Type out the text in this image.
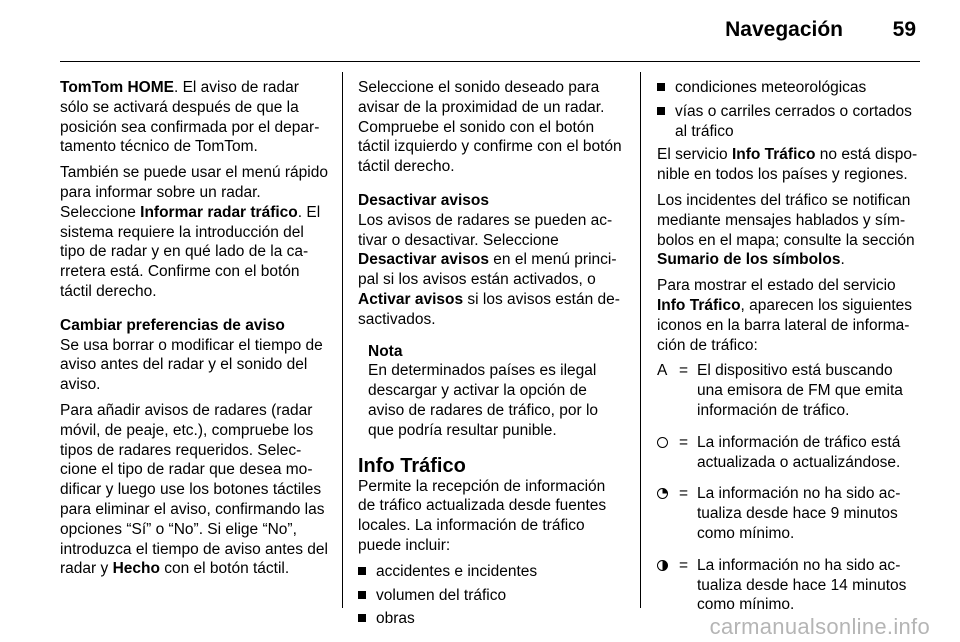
Navegación 59

TomTom HOME. El aviso de radar sólo se activará después de que la posición sea confirmada por el departamento técnico de TomTom.

También se puede usar el menú rápido para informar sobre un radar. Seleccione Informar radar tráfico. El sistema requiere la introducción del tipo de radar y en qué lado de la carretera está. Confirme con el botón táctil derecho.

Cambiar preferencias de aviso

Se usa borrar o modificar el tiempo de aviso antes del radar y el sonido del aviso.

Para añadir avisos de radares (radar móvil, de peaje, etc.), compruebe los tipos de radares requeridos. Seleccione el tipo de radar que desea modificar y luego use los botones táctiles para eliminar el aviso, confirmando las opciones “Sí” o “No”. Si elige “No”, introduzca el tiempo de aviso antes del radar y Hecho con el botón táctil.

Seleccione el sonido deseado para avisar de la proximidad de un radar. Compruebe el sonido con el botón táctil izquierdo y confirme con el botón táctil derecho.

Desactivar avisos

Los avisos de radares se pueden activar o desactivar. Seleccione Desactivar avisos en el menú principal si los avisos están activados, o Activar avisos si los avisos están desactivados.

Nota
En determinados países es ilegal descargar y activar la opción de aviso de radares de tráfico, por lo que podría resultar punible.

Info Tráfico

Permite la recepción de información de tráfico actualizada desde fuentes locales. La información de tráfico puede incluir:

accidentes e incidentes
volumen del tráfico
obras
condiciones meteorológicas
vías o carriles cerrados o cortados al tráfico

El servicio Info Tráfico no está disponible en todos los países y regiones.

Los incidentes del tráfico se notifican mediante mensajes hablados y símbolos en el mapa; consulte la sección Sumario de los símbolos.

Para mostrar el estado del servicio Info Tráfico, aparecen los siguientes iconos en la barra lateral de información de tráfico:

A = El dispositivo está buscando una emisora de FM que emita información de tráfico.
= La información de tráfico está actualizada o actualizándose.
= La información no ha sido actualiza desde hace 9 minutos como mínimo.
= La información no ha sido actualiza desde hace 14 minutos como mínimo.
carmanualsonline.info
